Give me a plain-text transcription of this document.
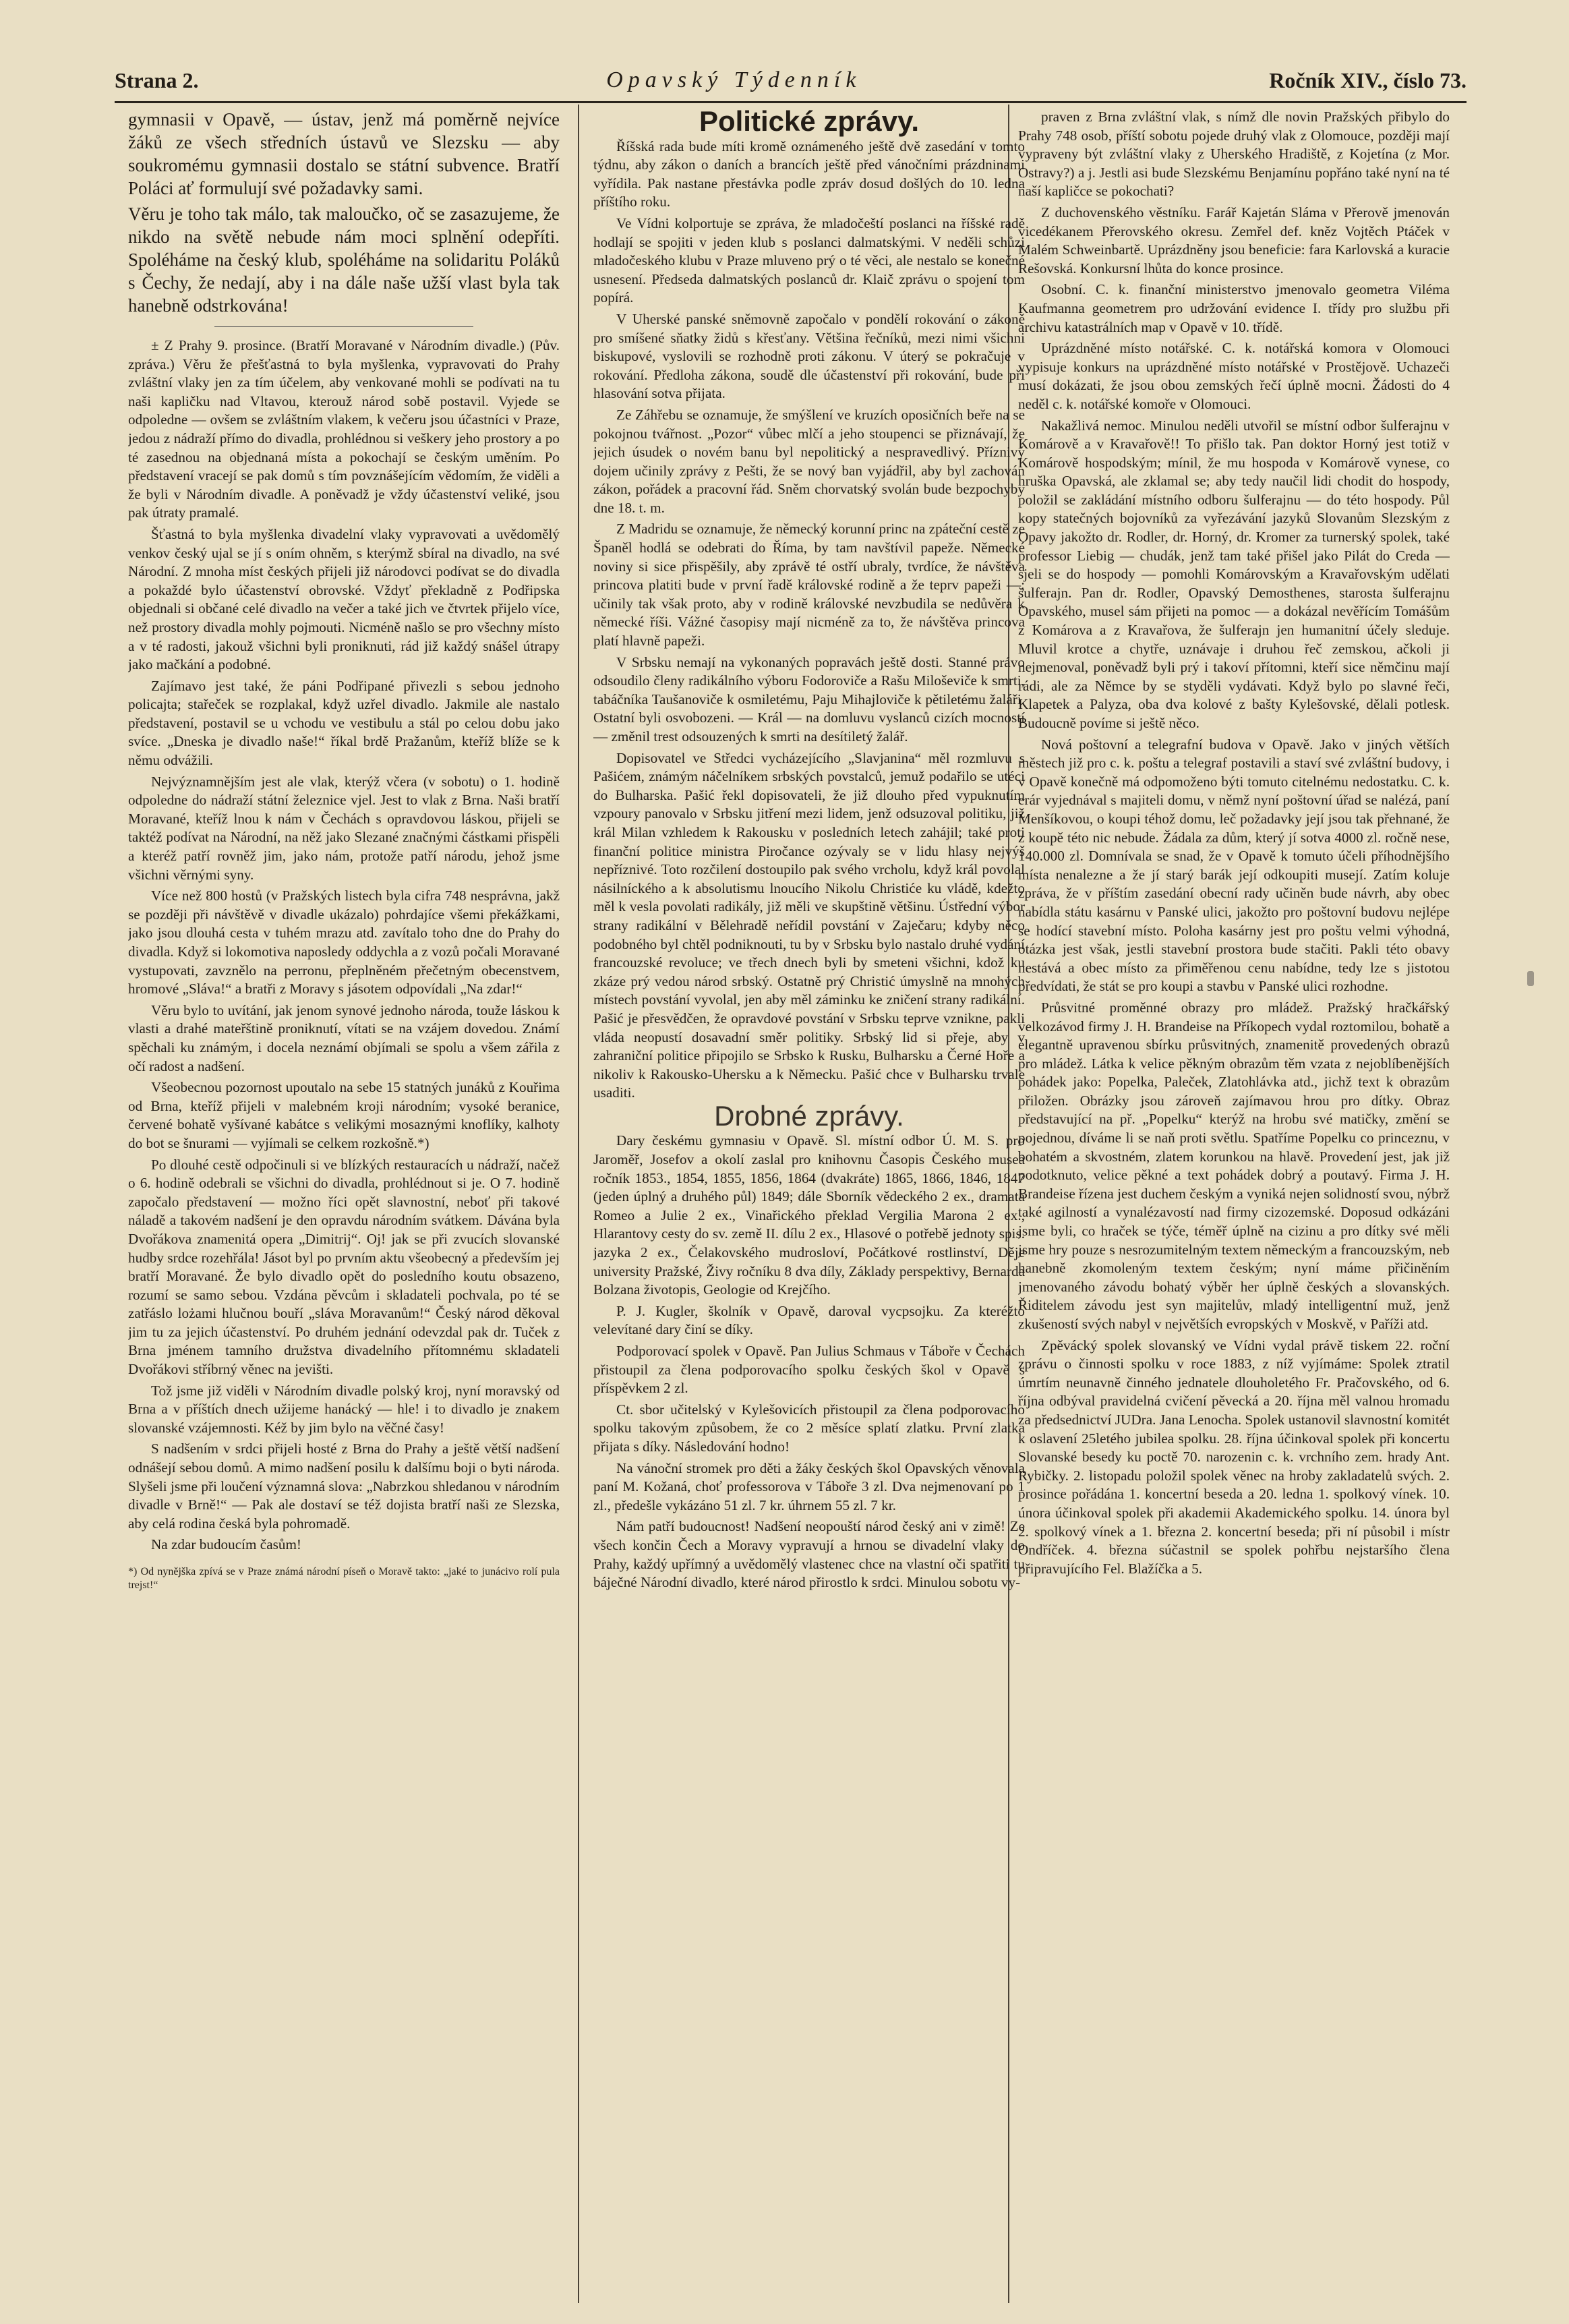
Strana 2.	Opavský Týdenník	Ročník XIV., číslo 73.

gymnasii v Opavě, — ústav, jenž má poměrně nejvíce žáků ze všech středních ústavů ve Slezsku — aby soukromému gymnasii dostalo se státní subvence. Bratří Poláci ať formulují své požadavky sami.

Věru je toho tak málo, tak maloučko, oč se zasazujeme, že nikdo na světě nebude nám moci splnění odepříti. Spoléháme na český klub, spoléháme na solidaritu Poláků s Čechy, že nedají, aby i na dále naše užší vlast byla tak hanebně odstrkována!

± Z Prahy 9. prosince. (Bratří Moravané v Národním divadle.) (Pův. zpráva.) Věru že přešťastná to byla myšlenka, vypravovati do Prahy zvláštní vlaky jen za tím účelem, aby venkované mohli se podívati na tu naši kapličku nad Vltavou, kterouž národ sobě postavil. Vyjede se odpoledne — ovšem se zvláštním vlakem, k večeru jsou účastníci v Praze, jedou z nádraží přímo do divadla, prohlédnou si veškery jeho prostory a po té zasednou na objednaná místa a pokochají se českým uměním. Po představení vracejí se pak domů s tím povznášejícím vědomím, že viděli a že byli v Národním divadle. A poněvadž je vždy účastenství veliké, jsou pak útraty pramalé.

Šťastná to byla myšlenka divadelní vlaky vypravovati a uvědomělý venkov český ujal se jí s oním ohněm, s kterýmž sbíral na divadlo, na své Národní. Z mnoha míst českých přijeli již národovci podívat se do divadla a pokaždé bylo účastenství obrovské. Vždyť překladně z Podřipska objednali si občané celé divadlo na večer a také jich ve čtvrtek přijelo více, než prostory divadla mohly pojmouti. Nicméně našlo se pro všechny místo a v té radosti, jakouž všichni byli proniknuti, rád již každý snášel útrapy jako mačkání a podobné.

Zajímavo jest také, že páni Podřipané přivezli s sebou jednoho policajta; stařeček se rozplakal, když uzřel divadlo. Jakmile ale nastalo představení, postavil se u vchodu ve vestibulu a stál po celou dobu jako svíce. „Dneska je divadlo naše!“ říkal brdě Pražanům, kteříž blíže se k němu odvážili.

Nejvýznamnějším jest ale vlak, kterýž včera (v sobotu) o 1. hodině odpoledne do nádraží státní železnice vjel. Jest to vlak z Brna. Naši bratří Moravané, kteříž lnou k nám v Čechách s opravdovou láskou, přijeli se taktéž podívat na Národní, na něž jako Slezané značnými částkami přispěli a kteréž patří rovněž jim, jako nám, protože patří národu, jehož jsme všichni věrnými syny.

Více než 800 hostů (v Pražských listech byla cifra 748 nesprávna, jakž se později při návštěvě v divadle ukázalo) pohrdajíce všemi překážkami, jako jsou dlouhá cesta v tuhém mrazu atd. zavítalo toho dne do Prahy do divadla. Když si lokomotiva naposledy oddychla a z vozů počali Moravané vystupovati, zavznělo na perronu, přeplněném přečetným obecenstvem, hromové „Sláva!“ a bratři z Moravy s jásotem odpovídali „Na zdar!“

Věru bylo to uvítání, jak jenom synové jednoho národa, touže láskou k vlasti a drahé mateřštině proniknutí, vítati se na vzájem dovedou. Známí spěchali ku známým, i docela neznámí objímali se spolu a všem zářila z očí radost a nadšení.

Všeobecnou pozornost upoutalo na sebe 15 statných junáků z Kouřima od Brna, kteříž přijeli v malebném kroji národním; vysoké beranice, červené bohatě vyšívané kabátce s velikými mosaznými knoflíky, kalhoty do bot se šnurami — vyjímali se celkem rozkošně.*)

Po dlouhé cestě odpočinuli si ve blízkých restauracích u nádraží, načež o 6. hodině odebrali se všichni do divadla, prohlédnout si je. O 7. hodině započalo představení — možno říci opět slavnostní, neboť při takové náladě a takovém nadšení je den opravdu národním svátkem. Dávána byla Dvořákova znamenitá opera „Dimitrij“. Oj! jak se při zvucích slovanské hudby srdce rozehřála! Jásot byl po prvním aktu všeobecný a především jej bratří Moravané. Že bylo divadlo opět do posledního koutu obsazeno, rozumí se samo sebou. Vzdána pěvcům i skladateli pochvala, po té se zatřáslo lożami hlučnou bouří „sláva Moravanům!“ Český národ děkoval jim tu za jejich účastenství. Po druhém jednání odevzdal pak dr. Tuček z Brna jménem tamního družstva divadelního přítomnému skladateli Dvořákovi stříbrný věnec na jevišti.

Tož jsme již viděli v Národním divadle polský kroj, nyní moravský od Brna a v příštích dnech užijeme hanácký — hle! i to divadlo je znakem slovanské vzájemnosti. Kéž by jim bylo na věčné časy!

S nadšením v srdci přijeli hosté z Brna do Prahy a ještě větší nadšení odnášejí sebou domů. A mimo nadšení posilu k dalšímu boji o byti národa. Slyšeli jsme při loučení významná slova: „Nabrzkou shledanou v národním divadle v Brně!“ — Pak ale dostaví se též dojista bratří naši ze Slezska, aby celá rodina česká byla pohromadě.

Na zdar budoucím časům!

*) Od nynějška zpívá se v Praze známá národní píseň o Moravě takto: „jaké to junácivo rolí pula trejst!“

Politické zprávy.

Říšská rada bude míti kromě oznámeného ještě dvě zasedání v tomto týdnu, aby zákon o daních a brancích ještě před vánočními prázdninami vyřídila. Pak nastane přestávka podle zpráv dosud došlých do 10. ledna příštího roku.

Ve Vídni kolportuje se zpráva, že mladočeští poslanci na říšské radě hodlají se spojiti v jeden klub s poslanci dalmatskými. V neděli schůzi mladočeského klubu v Praze mluveno prý o té věci, ale nestalo se konečné usnesení. Předseda dalmatských poslanců dr. Klaič zprávu o spojení tom popírá.

V Uherské panské sněmovně započalo v pondělí rokování o zákoně pro smíšené sňatky židů s křesťany. Většina řečníků, mezi nimi všichni biskupové, vyslovili se rozhodně proti zákonu. V úterý se pokračuje v rokování. Předloha zákona, soudě dle účastenství při rokování, bude při hlasování sotva přijata.

Ze Záhřebu se oznamuje, že smýšlení ve kruzích oposičních beře na se pokojnou tvářnost. „Pozor“ vůbec mlčí a jeho stoupenci se přiznávají, že jejich úsudek o novém banu byl nepolitický a nespravedlivý. Příznivý dojem učinily zprávy z Pešti, že se nový ban vyjádřil, aby byl zachován zákon, pořádek a pracovní řád. Sněm chorvatský svolán bude bezpochyby dne 18. t. m.

Z Madridu se oznamuje, že německý korunní princ na zpáteční cestě ze Španěl hodlá se odebrati do Říma, by tam navštívil papeže. Německé noviny si sice přispěšily, aby zprávě té ostří ubraly, tvrdíce, že návštěva princova platiti bude v první řadě královské rodině a že teprv papeži —; učinily tak však proto, aby v rodině královské nevzbudila se nedůvěra k německé říši. Vážné časopisy mají nicméně za to, že návštěva princova platí hlavně papeži.

V Srbsku nemají na vykonaných popravách ještě dosti. Stanné právo odsoudilo členy radikálního výboru Fodoroviče a Rašu Miloševiče k smrti, tabáčníka Taušanoviče k osmiletému, Paju Mihajloviče k pětiletému žaláři. Ostatní byli osvobozeni. — Král — na domluvu vyslanců cizích mocností — změnil trest odsouzených k smrti na desítiletý žalář.

Dopisovatel ve Středci vycházejícího „Slavjanina“ měl rozmluvu s Pašićem, známým náčelníkem srbských povstalců, jemuž podařilo se utéci do Bulharska. Pašić řekl dopisovateli, že již dlouho před vypuknutím vzpoury panovalo v Srbsku jitření mezi lidem, jenž odsuzoval politiku, již král Milan vzhledem k Rakousku v posledních letech zahájil; také proti finanční politice ministra Piročance ozývaly se v lidu hlasy nejvýš nepříznivé. Toto rozčilení dostoupilo pak svého vrcholu, když král povolal násilníckého a k absolutismu lnoucího Nikolu Christiće ku vládě, kdežto měl k vesla povolati radikály, již měli ve skupštině většinu. Ústřední výbor strany radikální v Bělehradě neřídil povstání v Zaječaru; kdyby něco podobného byl chtěl podniknouti, tu by v Srbsku bylo nastalo druhé vydání francouzské revoluce; ve třech dnech byli by smeteni všichni, kdož ku zkáze prý vedou národ srbský. Ostatně prý Christić úmyslně na mnohých místech povstání vyvolal, jen aby měl záminku ke zničení strany radikální. Pašić je přesvědčen, že opravdové povstání v Srbsku teprve vznikne, pakli vláda neopustí dosavadní směr politiky. Srbský lid si přeje, aby v zahraniční politice připojilo se Srbsko k Rusku, Bulharsku a Černé Hoře a nikoliv k Rakousko-Uhersku a k Německu. Pašić chce v Bulharsku trvale usaditi.

Drobné zprávy.

Dary českému gymnasiu v Opavě. Sl. místní odbor Ú. M. S. pro Jaroměř, Josefov a okolí zaslal pro knihovnu Časopis Českého musea ročník 1853., 1854, 1855, 1856, 1864 (dvakráte) 1865, 1866, 1846, 1847 (jeden úplný a druhého půl) 1849; dále Sborník vědeckého 2 ex., dramata Romeo a Julie 2 ex., Vinařického překlad Vergilia Marona 2 ex., Hlarantovy cesty do sv. země II. dílu 2 ex., Hlasové o potřebě jednoty spis. jazyka 2 ex., Čelakovského mudrosloví, Počátkové rostlinství, Děje university Pražské, Živy ročníku 8 dva díly, Základy perspektivy, Bernarda Bolzana životopis, Geologie od Krejčího.

P. J. Kugler, školník v Opavě, daroval vycpsojku. Za kteréžto velevítané dary činí se díky.

Podporovací spolek v Opavě. Pan Julius Schmaus v Táboře v Čechách přistoupil za člena podporovacího spolku českých škol v Opavě s příspěvkem 2 zl.

Ct. sbor učitelský v Kylešovicích přistoupil za člena podporovacího spolku takovým způsobem, že co 2 měsíce splatí zlatku. První zlatka přijata s díky. Následování hodno!

Na vánoční stromek pro děti a žáky českých škol Opavských věnovala paní M. Kožaná, choť professorova v Táboře 3 zl. Dva nejmenovaní po 1 zl., předešle vykázáno 51 zl. 7 kr. úhrnem 55 zl. 7 kr.

Nám patří budoucnost! Nadšení neopouští národ český ani v zimě! Ze všech končin Čech a Moravy vypravují a hrnou se divadelní vlaky do Prahy, každý upřímný a uvědomělý vlastenec chce na vlastní oči spatřiti tu báječné Národní divadlo, které národ přirostlo k srdci. Minulou sobotu vy-

praven z Brna zvláštní vlak, s nímž dle novin Pražských přibylo do Prahy 748 osob, příští sobotu pojede druhý vlak z Olomouce, později mají vypraveny být zvláštní vlaky z Uherského Hradiště, z Kojetína (z Mor. Ostravy?) a j. Jestli asi bude Slezskému Benjamínu popřáno také nyní na té naší kapličce se pokochati?

Z duchovenského věstníku. Farář Kajetán Sláma v Přerově jmenován vicedékanem Přerovského okresu. Zemřel def. kněz Vojtěch Ptáček v Malém Schweinbartě. Uprázdněny jsou beneficie: fara Karlovská a kuracie Rešovská. Konkursní lhůta do konce prosince.

Osobní. C. k. finanční ministerstvo jmenovalo geometra Viléma Kaufmanna geometrem pro udržování evidence I. třídy pro službu při archivu katastrálních map v Opavě v 10. třídě.

Uprázdněné místo notářské. C. k. notářská komora v Olomouci vypisuje konkurs na uprázdněné místo notářské v Prostějově. Uchazeči musí dokázati, že jsou obou zemských řečí úplně mocni. Žádosti do 4 neděl c. k. notářské komoře v Olomouci.

Nakažlivá nemoc. Minulou neděli utvořil se místní odbor šulferajnu v Komárově a v Kravařově!! To přišlo tak. Pan doktor Horný jest totiž v Komárově hospodským; mínil, že mu hospoda v Komárově vynese, co hruška Opavská, ale zklamal se; aby tedy naučil lidi chodit do hospody, položil se zakládání místního odboru šulferajnu — do této hospody. Půl kopy statečných bojovníků za vyřezávání jazyků Slovanům Slezským z Opavy jakožto dr. Rodler, dr. Horný, dr. Kromer za turnerský spolek, také professor Liebig — chudák, jenž tam také přišel jako Pilát do Creda — sjeli se do hospody — pomohli Komárovským a Kravařovským udělati šulferajn. Pan dr. Rodler, Opavský Demosthenes, starosta šulferajnu Opavského, musel sám přijeti na pomoc — a dokázal nevěřícím Tomášům z Komárova a z Kravařova, že šulferajn jen humanitní účely sleduje. Mluvil krotce a chytře, uznávaje i druhou řeč zemskou, ačkoli ji nejmenoval, poněvadž byli prý i takoví přítomni, kteří sice němčinu mají rádi, ale za Němce by se styděli vydávati. Když bylo po slavné řeči, Klapetek a Palyza, oba dva kolové z bašty Kylešovské, dělali potlesk. Budoucně povíme si ještě něco.

Nová poštovní a telegrafní budova v Opavě. Jako v jiných větších městech již pro c. k. poštu a telegraf postavili a staví své zvláštní budovy, i v Opavě konečně má odpomoženo býti tomuto citelnému nedostatku. C. k. erár vyjednával s majiteli domu, v němž nyní poštovní úřad se nalézá, paní Menšíkovou, o koupi téhož domu, leč požadavky její jsou tak přehnané, že z koupě této nic nebude. Žádala za dům, který jí sotva 4000 zl. ročně nese, 140.000 zl. Domnívala se snad, že v Opavě k tomuto účeli příhodnějšího místa nenalezne a že jí starý barák její odkoupiti musejí. Zatím koluje zpráva, že v příštím zasedání obecní rady učiněn bude návrh, aby obec nabídla státu kasárnu v Panské ulici, jakožto pro poštovní budovu nejlépe se hodící stavební místo. Poloha kasárny jest pro poštu velmi výhodná, otázka jest však, jestli stavební prostora bude stačiti. Pakli této obavy nestává a obec místo za přiměřenou cenu nabídne, tedy lze s jistotou předvídati, že stát se pro koupi a stavbu v Panské ulici rozhodne.

Průsvitné proměnné obrazy pro mládež. Pražský hračkářský velkozávod firmy J. H. Brandeise na Příkopech vydal roztomilou, bohatě a elegantně upravenou sbírku průsvitných, znamenitě provedených obrazů pro mládež. Látka k velice pěkným obrazům těm vzata z nejoblíbenějších pohádek jako: Popelka, Paleček, Zlatohlávka atd., jichž text k obrazům přiložen. Obrázky jsou zároveň zajímavou hrou pro dítky. Obraz představující na př. „Popelku“ kterýž na hrobu své matičky, změní se pojednou, díváme li se naň proti světlu. Spatříme Popelku co princeznu, v bohatém a skvostném, zlatem korunkou na hlavě. Provedení jest, jak již podotknuto, velice pěkné a text pohádek dobrý a poutavý. Firma J. H. Brandeise řízena jest duchem českým a vyniká nejen solidností svou, nýbrž také agilností a vynalézavostí nad firmy cizozemské. Doposud odkázáni jsme byli, co hraček se týče, téměř úplně na cizinu a pro dítky své měli jsme hry pouze s nesrozumitelným textem německým a francouzským, neb hanebně zkomoleným textem českým; nyní máme přičiněním jmenovaného závodu bohatý výběr her úplně českých a slovanských. Řiditelem závodu jest syn majitelův, mladý intelligentní muž, jenž zkušeností svých nabyl v největších evropských v Moskvě, v Paříži atd.

Zpěvácký spolek slovanský ve Vídni vydal právě tiskem 22. roční zprávu o činnosti spolku v roce 1883, z níž vyjímáme: Spolek ztratil úmrtím neunavně činného jednatele dlouholetého Fr. Pračovského, od 6. října odbýval pravidelná cvičení pěvecká a 20. října měl valnou hromadu za předsednictví JUDra. Jana Lenocha. Spolek ustanovil slavnostní komitét k oslavení 25letého jubilea spolku. 28. října účinkoval spolek při koncertu Slovanské besedy ku poctě 70. narozenin c. k. vrchního zem. hrady Ant. Rybičky. 2. listopadu položil spolek věnec na hroby zakladatelů svých. 2. prosince pořádána 1. koncertní beseda a 20. ledna 1. spolkový vínek. 10. února účinkoval spolek při akademii Akademického spolku. 14. února byl 2. spolkový vínek a 1. března 2. koncertní beseda; při ní působil i místr Ondříček. 4. března súčastnil se spolek pohřbu nejstaršího člena připravujícího Fel. Blažíčka a 5.
